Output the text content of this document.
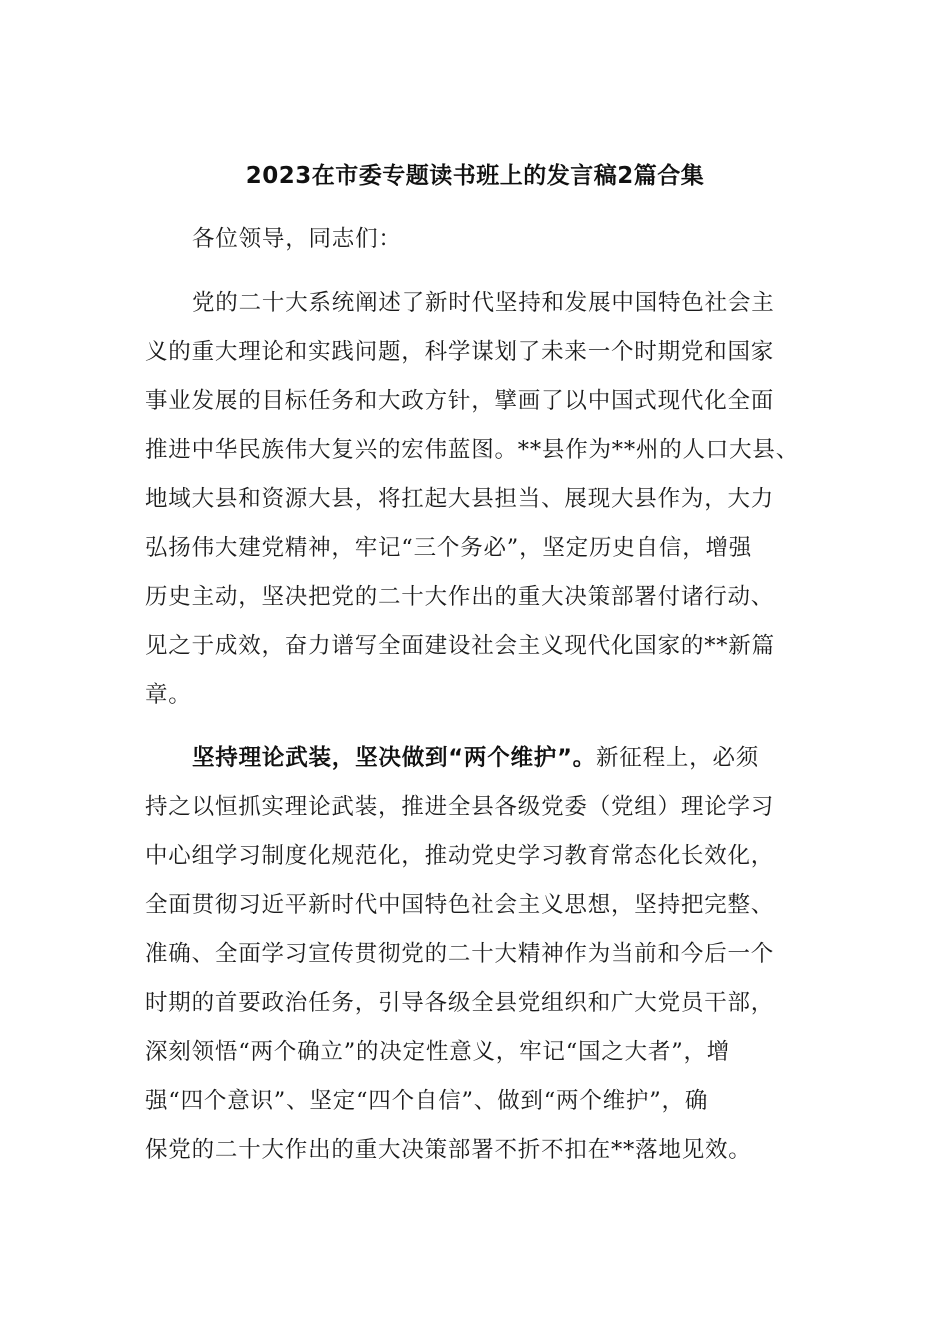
2023在市委专题读书班上的发言稿2篇合集
各位领导，同志们：
党的二十大系统阐述了新时代坚持和发展中国特色社会主
义的重大理论和实践问题，科学谋划了未来一个时期党和国家
事业发展的目标任务和大政方针，擘画了以中国式现代化全面
推进中华民族伟大复兴的宏伟蓝图。**县作为**州的人口大县、
地域大县和资源大县，将扛起大县担当、展现大县作为，大力
弘扬伟大建党精神，牢记“三个务必”，坚定历史自信，增强
历史主动，坚决把党的二十大作出的重大决策部署付诸行动、
见之于成效，奋力谱写全面建设社会主义现代化国家的**新篇
章。
坚持理论武装，坚决做到“两个维护”。新征程上，必须
持之以恒抓实理论武装，推进全县各级党委（党组）理论学习
中心组学习制度化规范化，推动党史学习教育常态化长效化，
全面贯彻习近平新时代中国特色社会主义思想，坚持把完整、
准确、全面学习宣传贯彻党的二十大精神作为当前和今后一个
时期的首要政治任务，引导各级全县党组织和广大党员干部，
深刻领悟“两个确立”的决定性意义，牢记“国之大者”，增
强“四个意识”、坚定“四个自信”、做到“两个维护”，确
保党的二十大作出的重大决策部署不折不扣在**落地见效。
